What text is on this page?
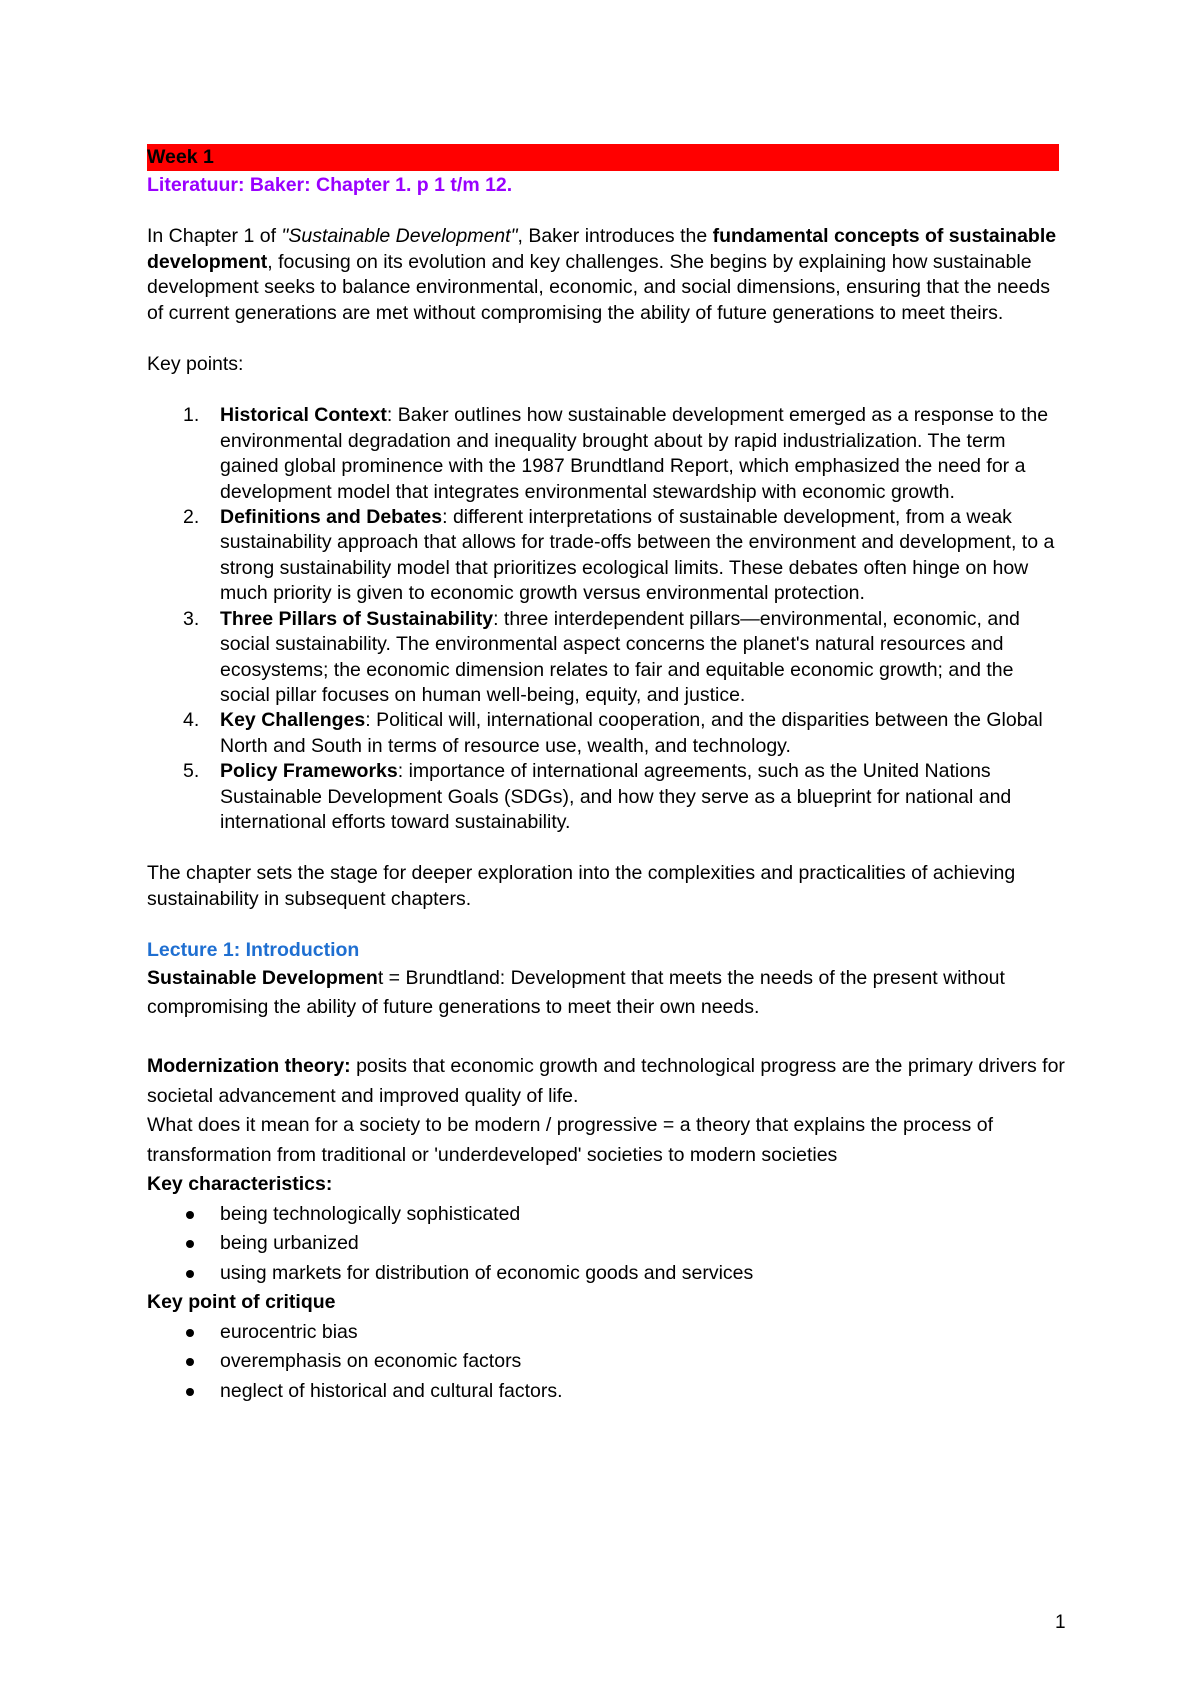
Week 1
Literatuur: Baker: Chapter 1. p 1 t/m 12.
In Chapter 1 of "Sustainable Development", Baker introduces the fundamental concepts of sustainable development, focusing on its evolution and key challenges. She begins by explaining how sustainable development seeks to balance environmental, economic, and social dimensions, ensuring that the needs of current generations are met without compromising the ability of future generations to meet theirs.
Key points:
1. Historical Context: Baker outlines how sustainable development emerged as a response to the environmental degradation and inequality brought about by rapid industrialization. The term gained global prominence with the 1987 Brundtland Report, which emphasized the need for a development model that integrates environmental stewardship with economic growth.
2. Definitions and Debates: different interpretations of sustainable development, from a weak sustainability approach that allows for trade-offs between the environment and development, to a strong sustainability model that prioritizes ecological limits. These debates often hinge on how much priority is given to economic growth versus environmental protection.
3. Three Pillars of Sustainability: three interdependent pillars—environmental, economic, and social sustainability. The environmental aspect concerns the planet's natural resources and ecosystems; the economic dimension relates to fair and equitable economic growth; and the social pillar focuses on human well-being, equity, and justice.
4. Key Challenges: Political will, international cooperation, and the disparities between the Global North and South in terms of resource use, wealth, and technology.
5. Policy Frameworks: importance of international agreements, such as the United Nations Sustainable Development Goals (SDGs), and how they serve as a blueprint for national and international efforts toward sustainability.
The chapter sets the stage for deeper exploration into the complexities and practicalities of achieving sustainability in subsequent chapters.
Lecture 1: Introduction
Sustainable Development = Brundtland: Development that meets the needs of the present without compromising the ability of future generations to meet their own needs.
Modernization theory: posits that economic growth and technological progress are the primary drivers for societal advancement and improved quality of life.
What does it mean for a society to be modern / progressive = a theory that explains the process of transformation from traditional or 'underdeveloped' societies to modern societies
Key characteristics:
being technologically sophisticated
being urbanized
using markets for distribution of economic goods and services
Key point of critique
eurocentric bias
overemphasis on economic factors
neglect of historical and cultural factors.
1
